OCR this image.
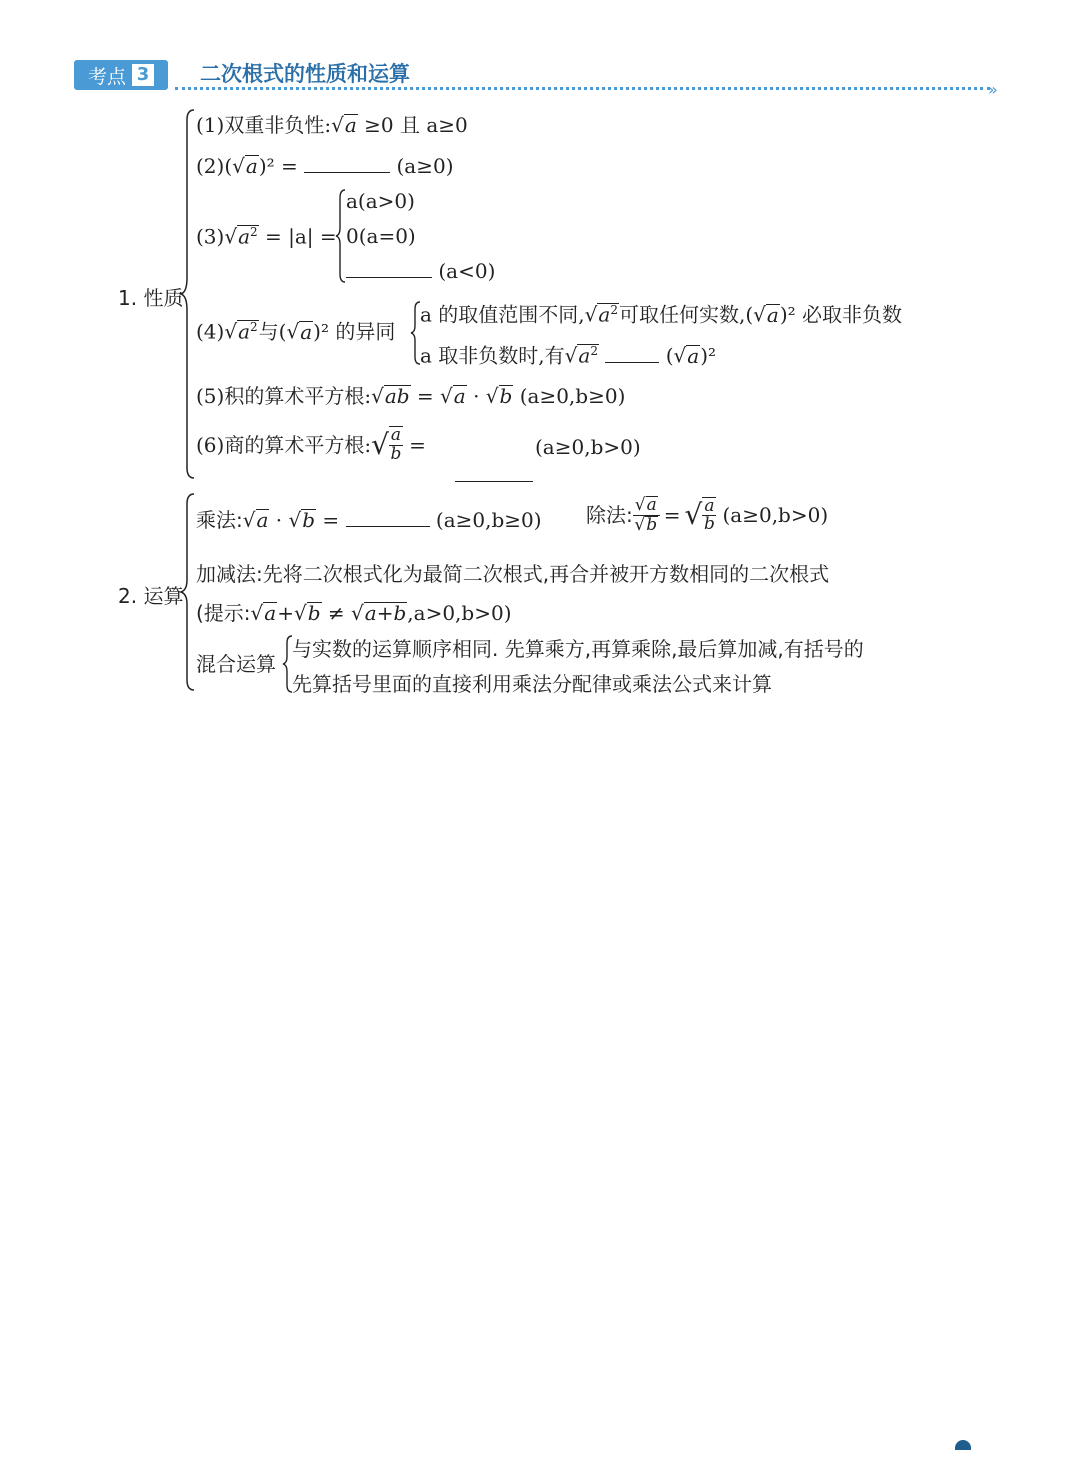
考点 3 二次根式的性质和运算
»
1. 性质
(1)双重非负性:√a ≥0 且 a≥0
(2)(√a)² =	(a≥0)
$(3)√a^2 = |a|$ =
a(a>0)
0(a=0)
(a<0)
$(4)√a^2$与(√a)² 的异同
a 的取值范围不同$,√a^2$可取任何实数,(√a)² 必取非负数
a 取非负数时,有$√a^2$	(√a)²
(5)积的算术平方根:√ab = √a · √b (a≥0,b≥0)
(6)商的算术平方根: √ $\frac{a}{b}$ =	(a≥0,b>0)
2. 运算
乘法:√a · √b =	(a≥0,b≥0) 除法: $\frac{√a}{√b}$ = √ $\frac{a}{b} (a\ge 0,b>0)$
加减法:先将二次根式化为最简二次根式,再合并被开方数相同的二次根式
(提示:√a+√b ≠ √a+b,a>0,b>0)
混合运算
与实数的运算顺序相同. 先算乘方,再算乘除,最后算加减,有括号的
先算括号里面的直接利用乘法分配律或乘法公式来计算
